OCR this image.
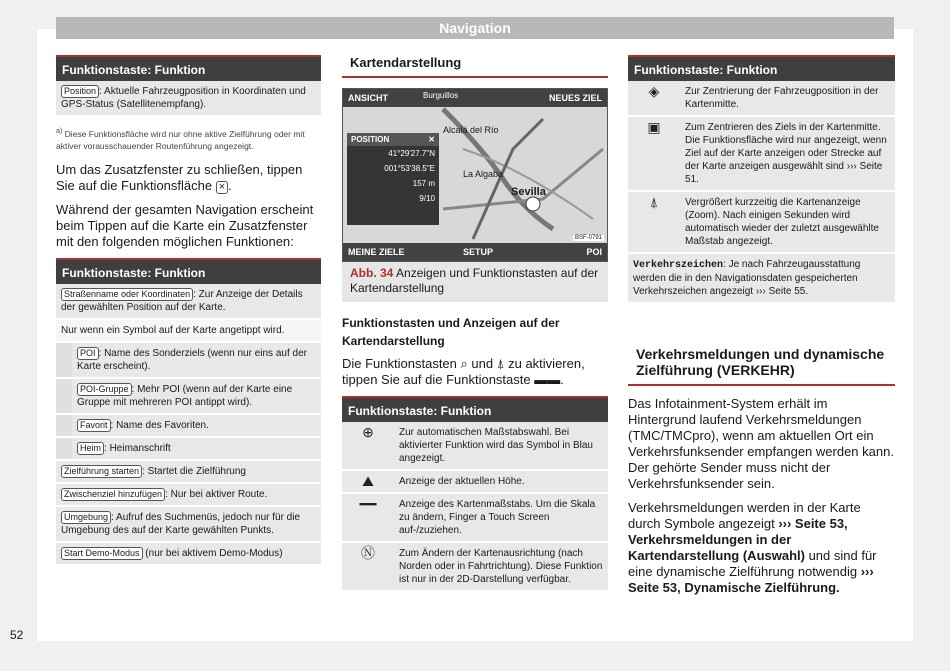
Navigation
Funktionstaste: Funktion
Position : Aktuelle Fahrzeugposition in Koordinaten und GPS-Status (Satellitenempfang).
$^{a)}$ Diese Funktionsfläche wird nur ohne aktive Zielführung oder mit aktiver vorausschauender Routenführung angezeigt.
Um das Zusatzfenster zu schließen, tippen Sie auf die Funktionsfläche × .
Während der gesamten Navigation erscheint beim Tippen auf die Karte ein Zusatzfenster mit den folgenden möglichen Funktionen:
Funktionstaste: Funktion
Straßenname oder Koordinaten : Zur Anzeige der Details der gewählten Position auf der Karte.	
Nur wenn ein Symbol auf der Karte angetippt wird.	
	POI : Name des Sonderziels (wenn nur eins auf der Karte erscheint).
	POI-Gruppe : Mehr POI (wenn auf der Karte eine Gruppe mit mehreren POI antippt wird).
	Favorit : Name des Favoriten.
	Heim : Heimanschrift
Zielführung starten : Startet die Zielführung	
Zwischenziel hinzufügen : Nur bei aktiver Route.	
Umgebung : Aufruf des Suchmenüs, jedoch nur für die Umgebung des auf der Karte gewählten Punkts.	
Start Demo-Modus (nur bei aktivem Demo-Modus)	
Kartendarstellung
ANSICHT	Burguillos	NEUES ZIEL
Alcalá del Río
La Algaba
Sevilla
POSITION	✕
41°29'27.7"N
001°53'38.5"E
157 m
9/10
MEINE ZIELE	SETUP	POI
BSF-0791
Abb. 34 Anzeigen und Funktionstasten auf der Kartendarstellung
Funktionstasten und Anzeigen auf der Kartendarstellung
Die Funktionstasten ⌕ und ⍋ zu aktivieren, tippen Sie auf die Funktionstaste ▬▬.
Funktionstaste: Funktion
⊕	Zur automatischen Maßstabswahl. Bei aktivierter Funktion wird das Symbol in Blau angezeigt.
⛰	Anzeige der aktuellen Höhe.
━━	Anzeige des Kartenmaßstabs. Um die Skala zu ändern, Finger a Touch Screen auf-/zuziehen.
Ⓝ	Zum Ändern der Kartenausrichtung (nach Norden oder in Fahrtrichtung). Diese Funktion ist nur in der 2D-Darstellung verfügbar.
Funktionstaste: Funktion
◈	Zur Zentrierung der Fahrzeugposition in der Kartenmitte.
▣	Zum Zentrieren des Ziels in der Kartenmitte. Die Funktionsfläche wird nur angezeigt, wenn Ziel auf der Karte anzeigen oder Strecke auf der Karte anzeigen ausgewählt sind ››› Seite 51.
⍋	Vergrößert kurzzeitig die Kartenanzeige (Zoom). Nach einigen Sekunden wird automatisch wieder der zuletzt ausgewählte Maßstab angezeigt.
Verkehrszeichen: Je nach Fahrzeugausstattung werden die in den Navigationsdaten gespeicherten Verkehrszeichen angezeigt ››› Seite 55.	
Verkehrsmeldungen und dynamische Zielführung (VERKEHR)
Das Infotainment-System erhält im Hintergrund laufend Verkehrsmeldungen (TMC/TMCpro), wenn am aktuellen Ort ein Verkehrsfunksender empfangen werden kann. Der gehörte Sender muss nicht der Verkehrsfunksender sein.
Verkehrsmeldungen werden in der Karte durch Symbole angezeigt ››› Seite 53, Verkehrsmeldungen in der Kartendarstellung (Auswahl) und sind für eine dynamische Zielführung notwendig ››› Seite 53, Dynamische Zielführung.
52
